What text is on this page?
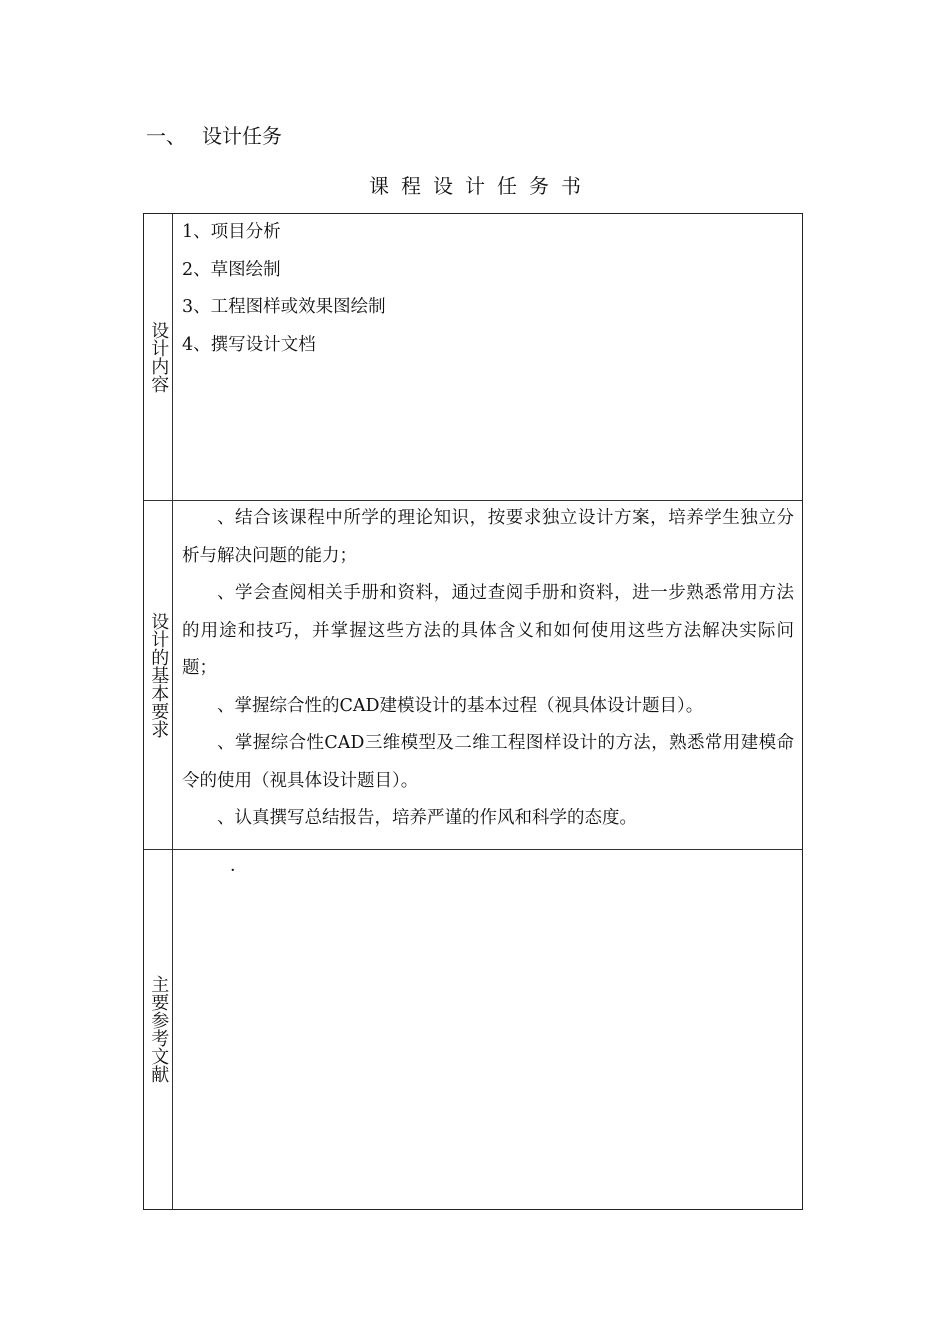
一、 设计任务
课程设计任务书
设计内容
1、项目分析
2、草图绘制
3、工程图样或效果图绘制
4、撰写设计文档
设计的基本要求

、结合该课程中所学的理论知识，按要求独立设计方案，培养学生独立分析与解决问题的能力；

、学会查阅相关手册和资料，通过查阅手册和资料，进一步熟悉常用方法的用途和技巧，并掌握这些方法的具体含义和如何使用这些方法解决实际问题；

、掌握综合性的CAD建模设计的基本过程（视具体设计题目）。

、掌握综合性CAD三维模型及二维工程图样设计的方法，熟悉常用建模命令的使用（视具体设计题目）。

、认真撰写总结报告，培养严谨的作风和科学的态度。

主要参考文献
·
